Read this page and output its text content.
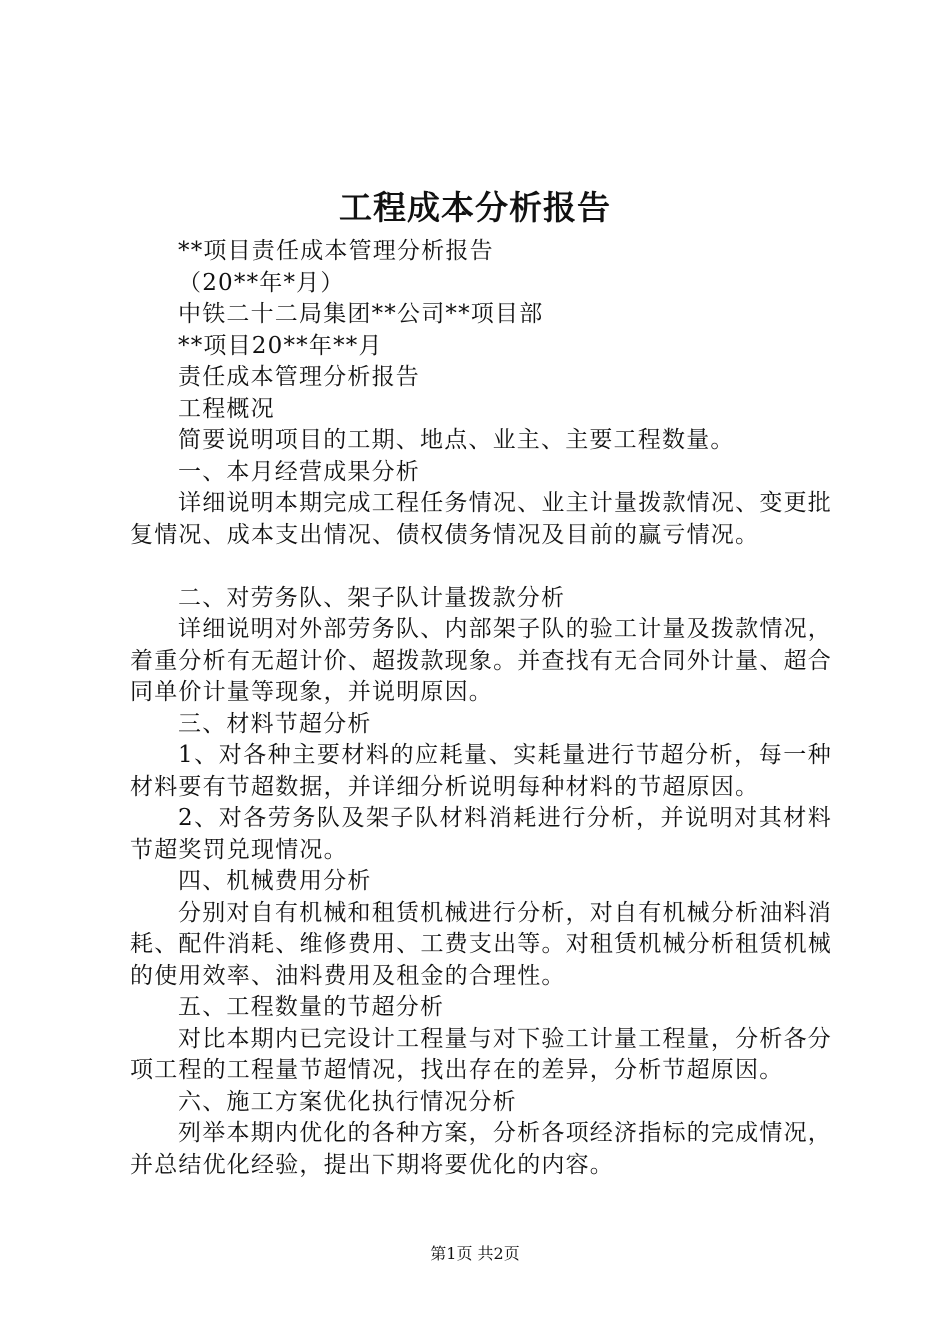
工程成本分析报告

**项目责任成本管理分析报告

（20**年*月）

中铁二十二局集团**公司**项目部

**项目20**年**月

责任成本管理分析报告

工程概况

简要说明项目的工期、地点、业主、主要工程数量。

一、本月经营成果分析

详细说明本期完成工程任务情况、业主计量拨款情况、变更批复情况、成本支出情况、债权债务情况及目前的赢亏情况。

二、对劳务队、架子队计量拨款分析

详细说明对外部劳务队、内部架子队的验工计量及拨款情况，着重分析有无超计价、超拨款现象。并查找有无合同外计量、超合同单价计量等现象，并说明原因。

三、材料节超分析

1、对各种主要材料的应耗量、实耗量进行节超分析，每一种材料要有节超数据，并详细分析说明每种材料的节超原因。

2、对各劳务队及架子队材料消耗进行分析，并说明对其材料节超奖罚兑现情况。

四、机械费用分析

分别对自有机械和租赁机械进行分析，对自有机械分析油料消耗、配件消耗、维修费用、工费支出等。对租赁机械分析租赁机械的使用效率、油料费用及租金的合理性。

五、工程数量的节超分析

对比本期内已完设计工程量与对下验工计量工程量，分析各分项工程的工程量节超情况，找出存在的差异，分析节超原因。

六、施工方案优化执行情况分析

列举本期内优化的各种方案，分析各项经济指标的完成情况，并总结优化经验，提出下期将要优化的内容。

第1页 共2页
